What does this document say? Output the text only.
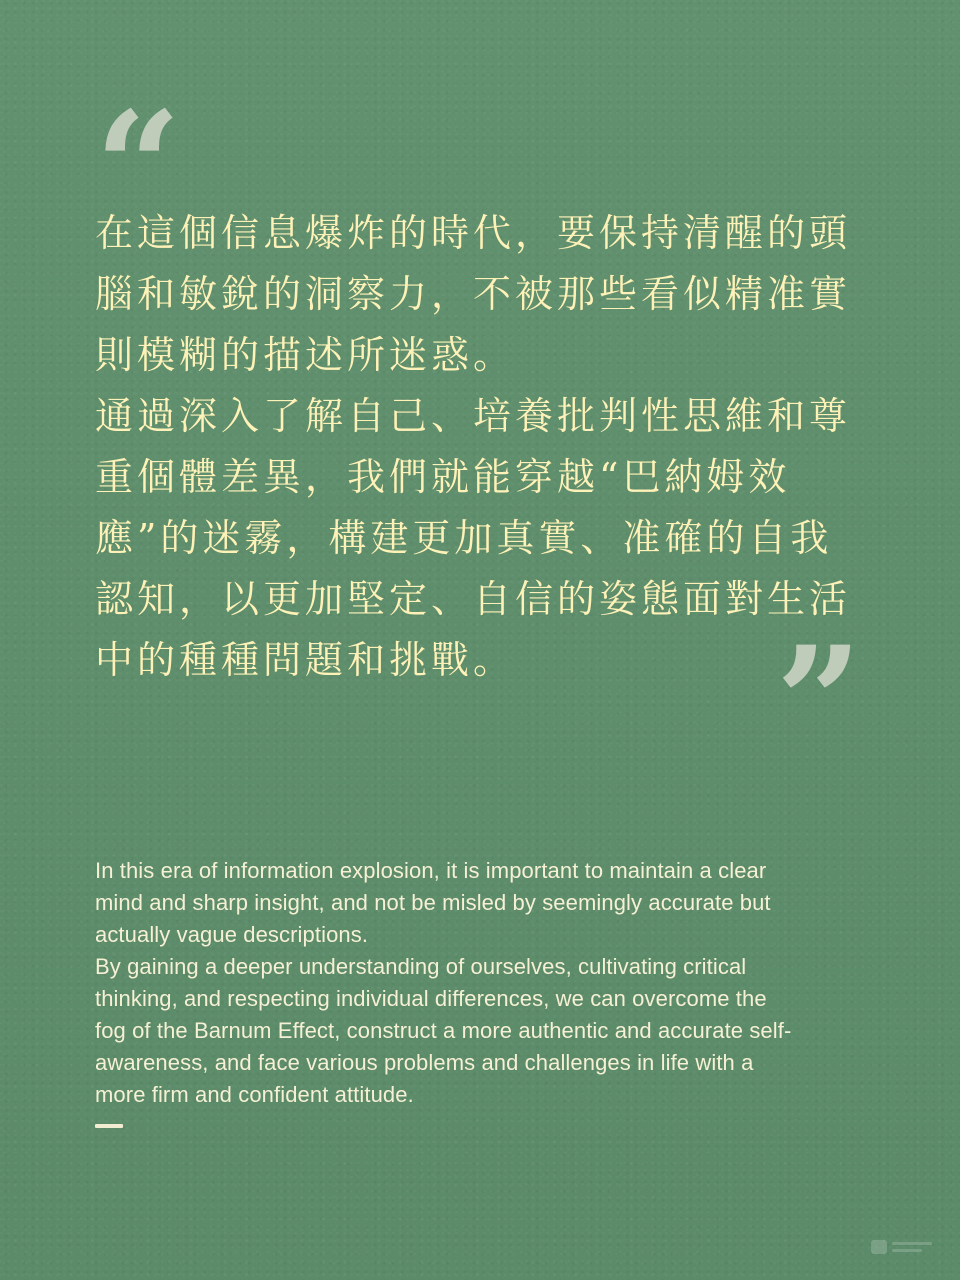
“

在這個信息爆炸的時代，要保持清醒的頭腦和敏銳的洞察力，不被那些看似精准實則模糊的描述所迷惑。

通過深入了解自己、培養批判性思維和尊重個體差異，我們就能穿越“巴納姆效應”的迷霧，構建更加真實、准確的自我認知，以更加堅定、自信的姿態面對生活中的種種問題和挑戰。	”

In this era of information explosion, it is important to maintain a clear mind and sharp insight, and not be misled by seemingly accurate but actually vague descriptions.

By gaining a deeper understanding of ourselves, cultivating critical thinking, and respecting individual differences, we can overcome the fog of the Barnum Effect, construct a more authentic and accurate self-awareness, and face various problems and challenges in life with a more firm and confident attitude.
